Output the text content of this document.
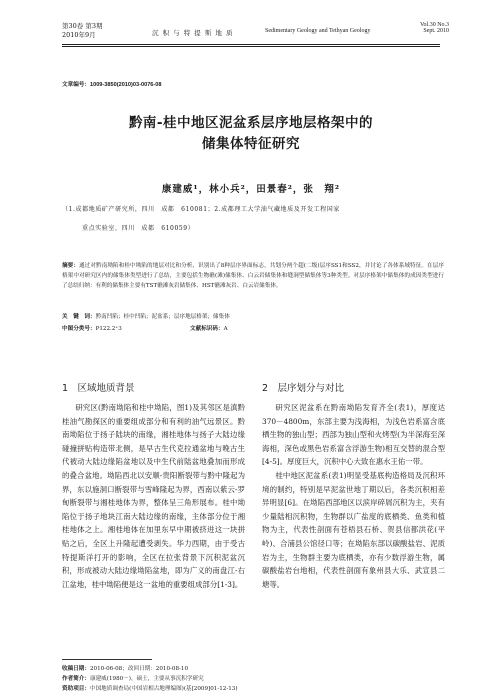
第30卷 第3期
2010年9月	沉 积 与 特 提 斯 地 质	Sedimentary Geology and Tethyan Geology
Vol.30 No.3
Sept. 2010
文章编号：1009-3850(2010)03-0076-08
黔南-桂中地区泥盆系层序地层格架中的
储集体特征研究
康建威¹，林小兵²，田景春²，张　翔²
（1.成都地质矿产研究所，四川　成都　610081；2.成都理工大学油气藏地质及开发工程国家
重点实验室，四川　成都　610059）
摘要：通过对黔南坳陷和桂中坳陷的地层对比和分析，识别出了8种层序界面标志，共划分两个超(二级)层序SS1和SS2，并讨论了各体系域特征。在层序格架中对研究区内的储集体类型进行了总结，主要包括生物礁(滩)储集体、白云岩储集体和缝洞型储集体等3种类型。对层序格架中储集体的成因类型进行了总结归纳：有利的储集体主要有TST礁滩灰岩储集体、HST礁滩灰岩、白云岩储集体。
关　键　词：黔南凹陷；桂中凹陷；泥盆系；层序地层格架；储集体
中图分类号：P122.2⁺3	文献标识码：A
1　区域地质背景
研究区(黔南坳陷和桂中坳陷，图1)及其邻区是滇黔桂油气勘探区的重要组成部分和有利的油气远景区。黔南坳陷位于扬子陆块的南缘，湘桂地体与扬子大陆边缘碰撞拼贴构造带北侧，是早古生代克拉通盆地与晚古生代被动大陆边缘陷盆地以及中生代前陆盆地叠加而形成的叠合盆地。坳陷西北以安顺-贵阳断裂带与黔中隆起为界，东以施洞口断裂带与雪峰隆起为界，西南以紫云-罗甸断裂带与湘桂地体为界，整体呈三角形展布。桂中坳陷位于扬子地块江南大陆边缘的南缘，主体部分位于湘桂地体之上。湘桂地体在加里东早中期被挤进这一块拼贴之后，全区上升隆起遭受剥失。华力西期，由于受古特提斯洋打开的影响，全区在拉张背景下沉积泥盆沉积，形成被动大陆边缘坳陷盆地，即为广义的南盘江-右江盆地，桂中坳陷便是这一盆地的重要组成部分[1-3]。
2　层序划分与对比
研究区泥盆系在黔南坳陷发育齐全(表1)，厚度达370－4800m，东部主要为浅海相，为浅色岩系富含底栖生物的独山型；西部为独山型和火烤型(为半深海至深海相，深色或黑色岩系富含浮游生物)相互交替的混合型[4-5]。厚度巨大，沉积中心大致在惠水王佑一带。
桂中地区泥盆系(表1)明显受基底构造格局及沉积环境的制约，特别是早泥盆世地丁期以后，各类沉积相差异明显[6]。在坳陷西部地区以滨岸碎屑沉积为主，夹有少量陆相沉积物，生物群以广盐度的底栖类、鱼类和植物为主，代表性剖面有苍梧县石桥、贺县信都洪花(平岭)、合浦县公馆径口等；在坳陷东部以碳酸盐岩、泥质岩为主，生物群主要为底栖类，亦有少数浮游生物，属碳酸盐岩台地相，代表性剖面有象州县大乐、武宣县二塘等。
收稿日期：2010-06-08；改回日期：2010-08-10
作者简介：康建威(1980－)，硕士，主要从事沉积学研究
资助项目：中国地质调查局(中国岩相古地理编图)(基[2009]01-12-13)
